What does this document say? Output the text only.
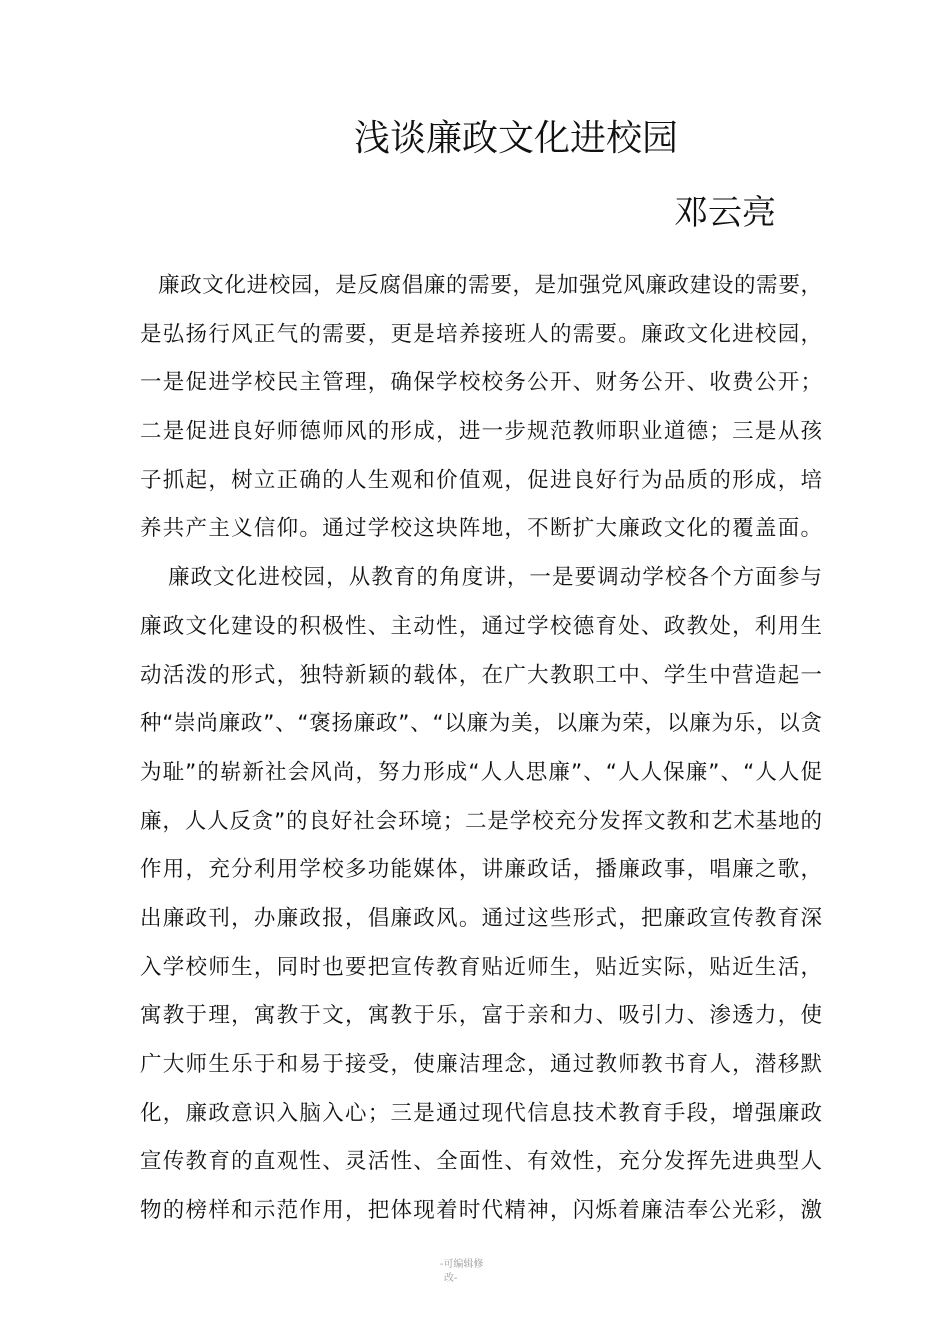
浅谈廉政文化进校园
邓云亮
廉政文化进校园，是反腐倡廉的需要，是加强党风廉政建设的需要，
是弘扬行风正气的需要，更是培养接班人的需要。廉政文化进校园，
一是促进学校民主管理，确保学校校务公开、财务公开、收费公开；
二是促进良好师德师风的形成，进一步规范教师职业道德；三是从孩
子抓起，树立正确的人生观和价值观，促进良好行为品质的形成，培
养共产主义信仰。通过学校这块阵地，不断扩大廉政文化的覆盖面。
廉政文化进校园，从教育的角度讲，一是要调动学校各个方面参与
廉政文化建设的积极性、主动性，通过学校德育处、政教处，利用生
动活泼的形式，独特新颖的载体，在广大教职工中、学生中营造起一
种“崇尚廉政”、“褒扬廉政”、“以廉为美，以廉为荣，以廉为乐，以贪
为耻”的崭新社会风尚，努力形成“人人思廉”、“人人保廉”、“人人促
廉，人人反贪”的良好社会环境；二是学校充分发挥文教和艺术基地的
作用，充分利用学校多功能媒体，讲廉政话，播廉政事，唱廉之歌，
出廉政刊，办廉政报，倡廉政风。通过这些形式，把廉政宣传教育深
入学校师生，同时也要把宣传教育贴近师生，贴近实际，贴近生活，
寓教于理，寓教于文，寓教于乐，富于亲和力、吸引力、渗透力，使
广大师生乐于和易于接受，使廉洁理念，通过教师教书育人，潜移默
化，廉政意识入脑入心；三是通过现代信息技术教育手段，增强廉政
宣传教育的直观性、灵活性、全面性、有效性，充分发挥先进典型人
物的榜样和示范作用，把体现着时代精神，闪烁着廉洁奉公光彩，激
-可编辑修
改-
